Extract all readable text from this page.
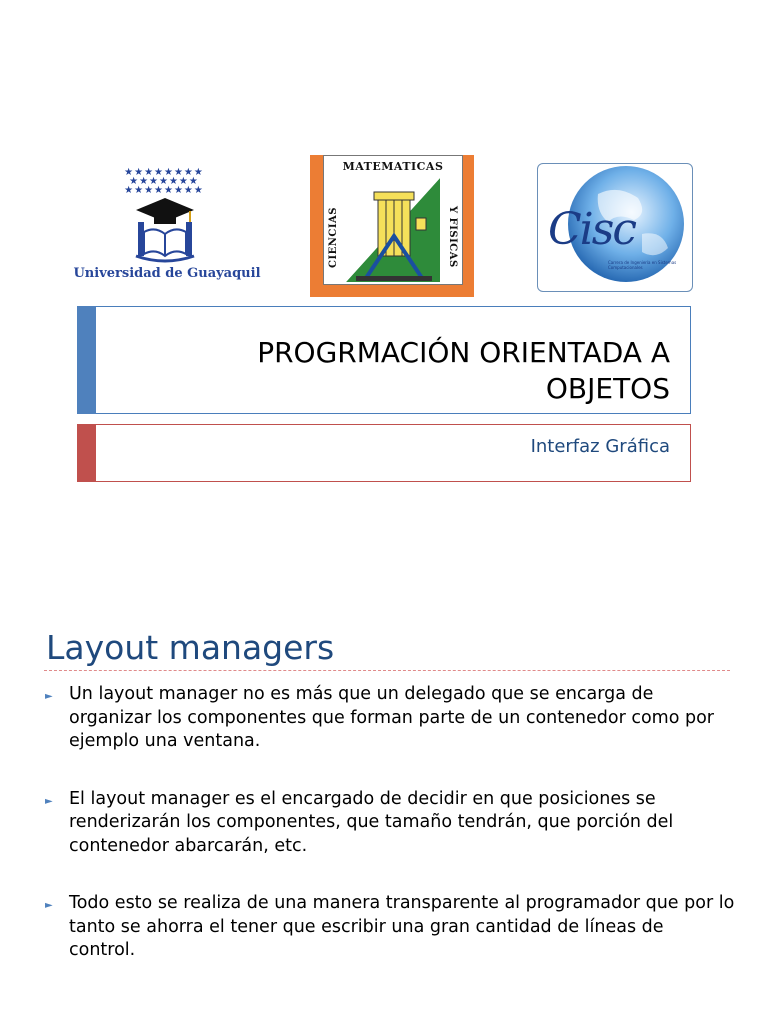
★★★★★★★★
★★★★★★★
★★★★★★★★
Universidad de Guayaquil
MATEMATICAS
CIENCIAS	Y FISICAS Cisc
Carrera de Ingeniería en Sistemas Computacionales
PROGRMACIÓN ORIENTADA A OBJETOS
Interfaz Gráfica
Layout managers
► Un layout manager no es más que un delegado que se encarga de organizar los componentes que forman parte de un contenedor como por ejemplo una ventana.
► El layout manager es el encargado de decidir en que posiciones se renderizarán los componentes, que tamaño tendrán, que porción del contenedor abarcarán, etc.
► Todo esto se realiza de una manera transparente al programador que por lo tanto se ahorra el tener que escribir una gran cantidad de líneas de control.
